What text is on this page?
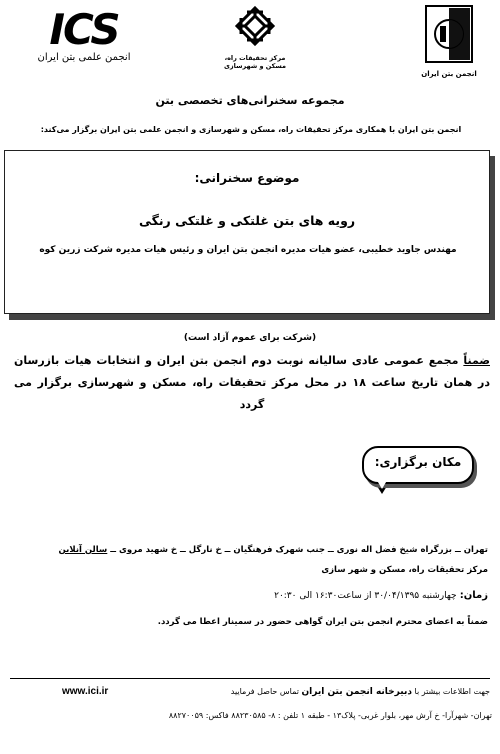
ICS
انجمن علمی بتن ایران	مرکز تحقیقات راه، مسکن و شهرسازی
انجمن بتن ایران
مجموعه سخنرانی‌های تخصصی بتن
انجمن بتن ایران با همکاری مرکز تحقیقات راه، مسکن و شهرسازی و انجمن علمی بتن ایران برگزار می‌کند:
موضوع سخنرانی:
رویه های بتن غلتکی و غلتکی رنگی
مهندس جاوید خطیبی، عضو هیات مدیره انجمن بتن ایران و رئیس هیات مدیره شرکت زرین کوه
(شرکت برای عموم آزاد است)
ضمناً مجمع عمومی عادی سالیانه نوبت دوم انجمن بتن ایران و انتخابات هیات بازرسان در همان تاریخ ساعت ۱۸ در محل مرکز تحقیقات راه، مسکن و شهرسازی برگزار می گردد
مکان برگزاری:
تهران ــ بزرگراه شیخ فضل اله نوری ــ جنب شهرک فرهنگیان ــ خ نارگل ــ خ شهید مروی ــ سالن آنلاین
مرکز تحقیقات راه، مسکن و شهر سازی
زمان: چهارشنبه ۳۰/۰۴/۱۳۹۵ از ساعت۱۶:۳۰ الی ۲۰:۳۰
ضمناً به اعضای محترم انجمن بتن ایران گواهی حضور در سمینار اعطا می گردد.
www.ici.ir	جهت اطلاعات بیشتر با دبیرخانه انجمن بتن ایران تماس حاصل فرمایید
تهران- شهرآرا- خ آرش مهر، بلوار غربی- پلاک۱۳ - طبقه ۱ تلفن : ۸- ۸۸۲۳۰۵۸۵ فاکس: ۸۸۲۷۰۰۵۹
